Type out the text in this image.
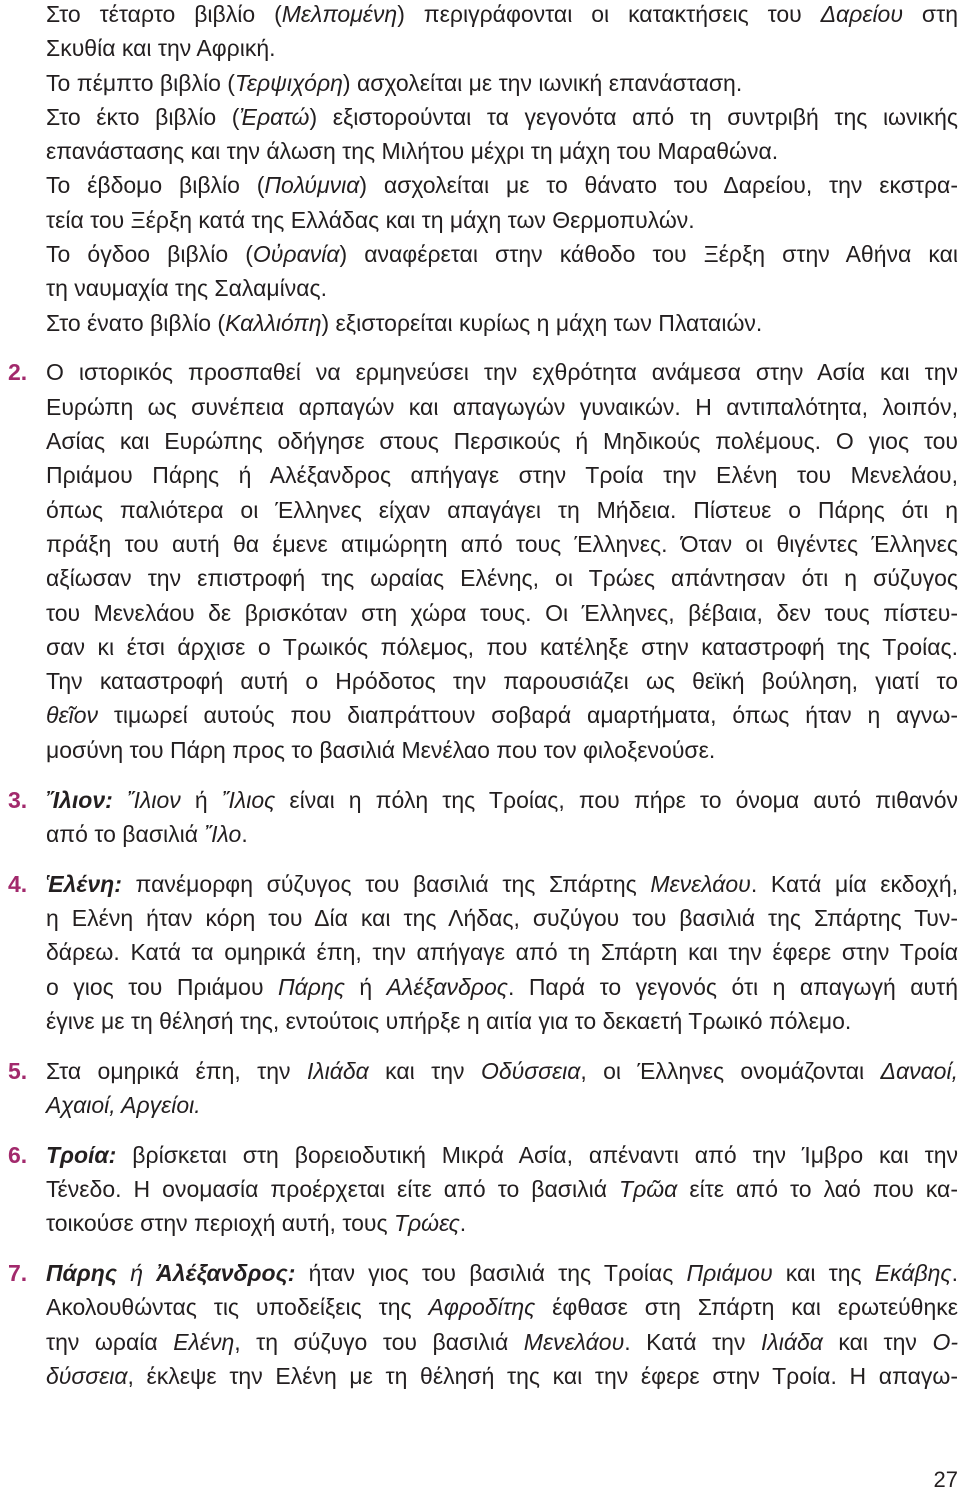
Στο τέταρτο βιβλίο (Μελπομένη) περιγράφονται οι κατακτήσεις του Δαρείου στη
Σκυθία και την Αφρική.
Το πέμπτο βιβλίο (Τερψιχόρη) ασχολείται με την ιωνική επανάσταση.
Στο έκτο βιβλίο (Ἐρατώ) εξιστορούνται τα γεγονότα από τη συντριβή της ιωνικής
επανάστασης και την άλωση της Μιλήτου μέχρι τη μάχη του Μαραθώνα.
Το έβδομο βιβλίο (Πολύμνια) ασχολείται με το θάνατο του Δαρείου, την εκστρα-
τεία του Ξέρξη κατά της Ελλάδας και τη μάχη των Θερμοπυλών.
Το όγδοο βιβλίο (Οὐρανία) αναφέρεται στην κάθοδο του Ξέρξη στην Αθήνα και
τη ναυμαχία της Σαλαμίνας.
Στο ένατο βιβλίο (Καλλιόπη) εξιστορείται κυρίως η μάχη των Πλαταιών.
2. Ο ιστορικός προσπαθεί να ερμηνεύσει την εχθρότητα ανάμεσα στην Ασία και την
Ευρώπη ως συνέπεια αρπαγών και απαγωγών γυναικών. Η αντιπαλότητα, λοιπόν,
Ασίας και Ευρώπης οδήγησε στους Περσικούς ή Μηδικούς πολέμους. Ο γιος του
Πριάμου Πάρης ή Αλέξανδρος απήγαγε στην Τροία την Ελένη του Μενελάου,
όπως παλιότερα οι Έλληνες είχαν απαγάγει τη Μήδεια. Πίστευε ο Πάρης ότι η
πράξη του αυτή θα έμενε ατιμώρητη από τους Έλληνες. Όταν οι θιγέντες Έλληνες
αξίωσαν την επιστροφή της ωραίας Ελένης, οι Τρώες απάντησαν ότι η σύζυγος
του Μενελάου δε βρισκόταν στη χώρα τους. Οι Έλληνες, βέβαια, δεν τους πίστευ-
σαν κι έτσι άρχισε ο Τρωικός πόλεμος, που κατέληξε στην καταστροφή της Τροίας.
Την καταστροφή αυτή ο Ηρόδοτος την παρουσιάζει ως θεϊκή βούληση, γιατί το
θεῖον τιμωρεί αυτούς που διαπράττουν σοβαρά αμαρτήματα, όπως ήταν η αγνω-
μοσύνη του Πάρη προς το βασιλιά Μενέλαο που τον φιλοξενούσε.
3. Ἴλιον: Ἴλιον ή Ἴλιος είναι η πόλη της Τροίας, που πήρε το όνομα αυτό πιθανόν
από το βασιλιά Ἴλο.
4. Ἑλένη: πανέμορφη σύζυγος του βασιλιά της Σπάρτης Μενελάου. Κατά μία εκδοχή,
η Ελένη ήταν κόρη του Δία και της Λήδας, συζύγου του βασιλιά της Σπάρτης Τυν-
δάρεω. Κατά τα ομηρικά έπη, την απήγαγε από τη Σπάρτη και την έφερε στην Τροία
ο γιος του Πριάμου Πάρης ή Αλέξανδρος. Παρά το γεγονός ότι η απαγωγή αυτή
έγινε με τη θέλησή της, εντούτοις υπήρξε η αιτία για το δεκαετή Τρωικό πόλεμο.
5. Στα ομηρικά έπη, την Ιλιάδα και την Οδύσσεια, οι Έλληνες ονομάζονται Δαναοί,
Αχαιοί, Αργείοι.
6. Τροία: βρίσκεται στη βορειοδυτική Μικρά Ασία, απέναντι από την Ίμβρο και την
Τένεδο. Η ονομασία προέρχεται είτε από το βασιλιά Τρῶα είτε από το λαό που κα-
τοικούσε στην περιοχή αυτή, τους Τρώες.
7. Πάρης ή Ἀλέξανδρος: ήταν γιος του βασιλιά της Τροίας Πριάμου και της Εκάβης.
Ακολουθώντας τις υποδείξεις της Αφροδίτης έφθασε στη Σπάρτη και ερωτεύθηκε
την ωραία Ελένη, τη σύζυγο του βασιλιά Μενελάου. Κατά την Ιλιάδα και την Ο-
δύσσεια, έκλεψε την Ελένη με τη θέλησή της και την έφερε στην Τροία. Η απαγω-
27
